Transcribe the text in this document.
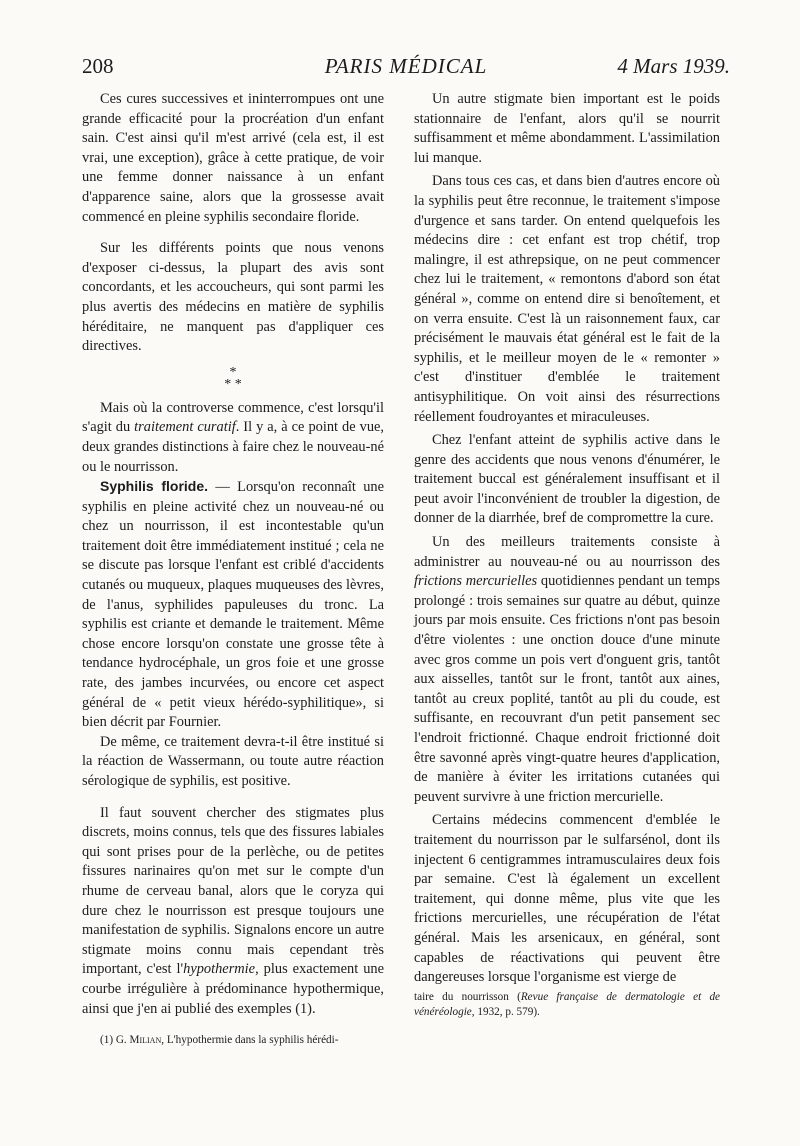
208	PARIS MÉDICAL	4 Mars 1939.

Ces cures successives et ininterrompues ont une grande efficacité pour la procréation d'un enfant sain. C'est ainsi qu'il m'est arrivé (cela est, il est vrai, une exception), grâce à cette pratique, de voir une femme donner naissance à un enfant d'apparence saine, alors que la grossesse avait commencé en pleine syphilis secondaire floride.

Sur les différents points que nous venons d'exposer ci-dessus, la plupart des avis sont concordants, et les accoucheurs, qui sont parmi les plus avertis des médecins en matière de syphilis héréditaire, ne manquent pas d'appliquer ces directives.

*
* *

Mais où la controverse commence, c'est lorsqu'il s'agit du traitement curatif. Il y a, à ce point de vue, deux grandes distinctions à faire chez le nouveau-né ou le nourrisson.

Syphilis floride. — Lorsqu'on reconnaît une syphilis en pleine activité chez un nouveau-né ou chez un nourrisson, il est incontestable qu'un traitement doit être immédiatement institué ; cela ne se discute pas lorsque l'enfant est criblé d'accidents cutanés ou muqueux, plaques muqueuses des lèvres, de l'anus, syphilides papuleuses du tronc. La syphilis est criante et demande le traitement. Même chose encore lorsqu'on constate une grosse tête à tendance hydrocéphale, un gros foie et une grosse rate, des jambes incurvées, ou encore cet aspect général de « petit vieux hérédo-syphilitique», si bien décrit par Fournier.

De même, ce traitement devra-t-il être institué si la réaction de Wassermann, ou toute autre réaction sérologique de syphilis, est positive.

Il faut souvent chercher des stigmates plus discrets, moins connus, tels que des fissures labiales qui sont prises pour de la perlèche, ou de petites fissures narinaires qu'on met sur le compte d'un rhume de cerveau banal, alors que le coryza qui dure chez le nourrisson est presque toujours une manifestation de syphilis. Signalons encore un autre stigmate moins connu mais cependant très important, c'est l'hypothermie, plus exactement une courbe irrégulière à prédominance hypothermique, ainsi que j'en ai publié des exemples (1).

(1) G. Milian, L'hypothermie dans la syphilis hérédi-

Un autre stigmate bien important est le poids stationnaire de l'enfant, alors qu'il se nourrit suffisamment et même abondamment. L'assimilation lui manque.

Dans tous ces cas, et dans bien d'autres encore où la syphilis peut être reconnue, le traitement s'impose d'urgence et sans tarder. On entend quelquefois les médecins dire : cet enfant est trop chétif, trop malingre, il est athrepsique, on ne peut commencer chez lui le traitement, « remontons d'abord son état général », comme on entend dire si benoîtement, et on verra ensuite. C'est là un raisonnement faux, car précisément le mauvais état général est le fait de la syphilis, et le meilleur moyen de le « remonter » c'est d'instituer d'emblée le traitement antisyphilitique. On voit ainsi des résurrections réellement foudroyantes et miraculeuses.

Chez l'enfant atteint de syphilis active dans le genre des accidents que nous venons d'énumérer, le traitement buccal est généralement insuffisant et il peut avoir l'inconvénient de troubler la digestion, de donner de la diarrhée, bref de compromettre la cure.

Un des meilleurs traitements consiste à administrer au nouveau-né ou au nourrisson des frictions mercurielles quotidiennes pendant un temps prolongé : trois semaines sur quatre au début, quinze jours par mois ensuite. Ces frictions n'ont pas besoin d'être violentes : une onction douce d'une minute avec gros comme un pois vert d'onguent gris, tantôt aux aisselles, tantôt sur le front, tantôt aux aines, tantôt au creux poplité, tantôt au pli du coude, est suffisante, en recouvrant d'un petit pansement sec l'endroit frictionné. Chaque endroit frictionné doit être savonné après vingt-quatre heures d'application, de manière à éviter les irritations cutanées qui peuvent survivre à une friction mercurielle.

Certains médecins commencent d'emblée le traitement du nourrisson par le sulfarsénol, dont ils injectent 6 centigrammes intramusculaires deux fois par semaine. C'est là également un excellent traitement, qui donne même, plus vite que les frictions mercurielles, une récupération de l'état général. Mais les arsenicaux, en général, sont capables de réactivations qui peuvent être dangereuses lorsque l'organisme est vierge de

taire du nourrisson (Revue française de dermatologie et de vénéréologie, 1932, p. 579).
